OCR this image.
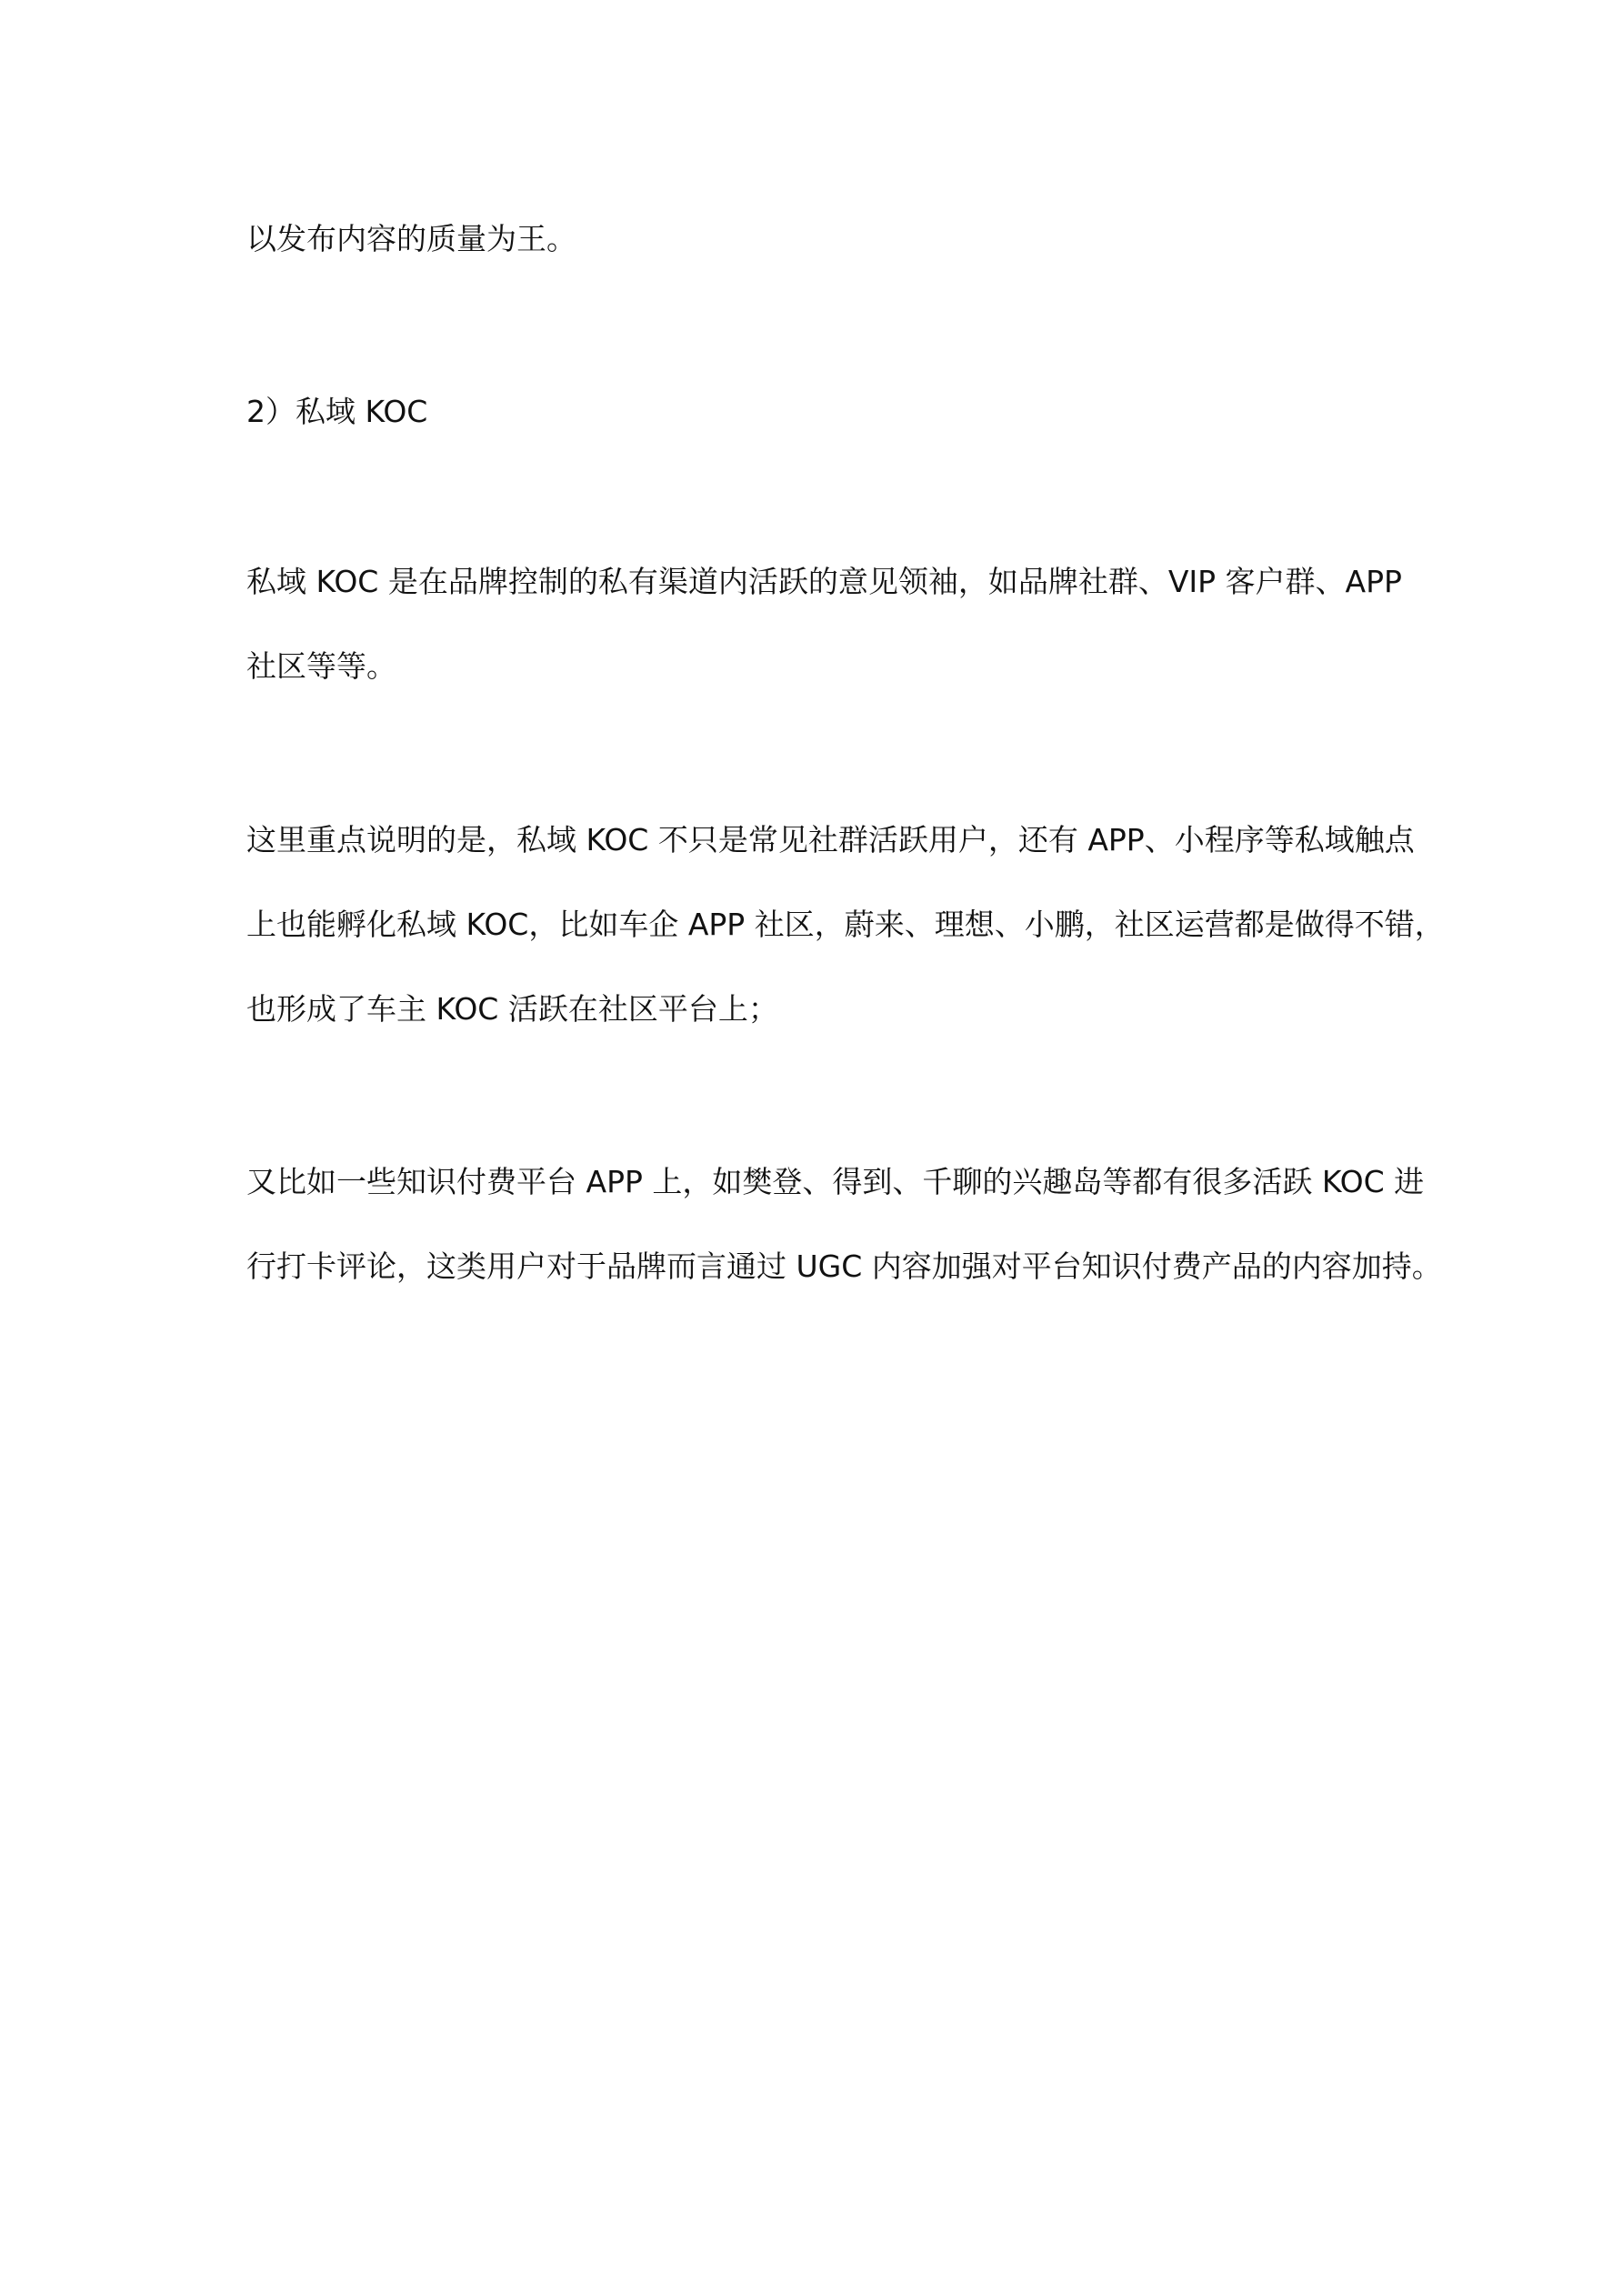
以发布内容的质量为王。
2）私域 KOC
私域 KOC 是在品牌控制的私有渠道内活跃的意见领袖，如品牌社群、VIP 客户群、APP
社区等等。
这里重点说明的是，私域 KOC 不只是常见社群活跃用户，还有 APP、小程序等私域触点
上也能孵化私域 KOC，比如车企 APP 社区，蔚来、理想、小鹏，社区运营都是做得不错，
也形成了车主 KOC 活跃在社区平台上；
又比如一些知识付费平台 APP 上，如樊登、得到、千聊的兴趣岛等都有很多活跃 KOC 进
行打卡评论，这类用户对于品牌而言通过 UGC 内容加强对平台知识付费产品的内容加持。
